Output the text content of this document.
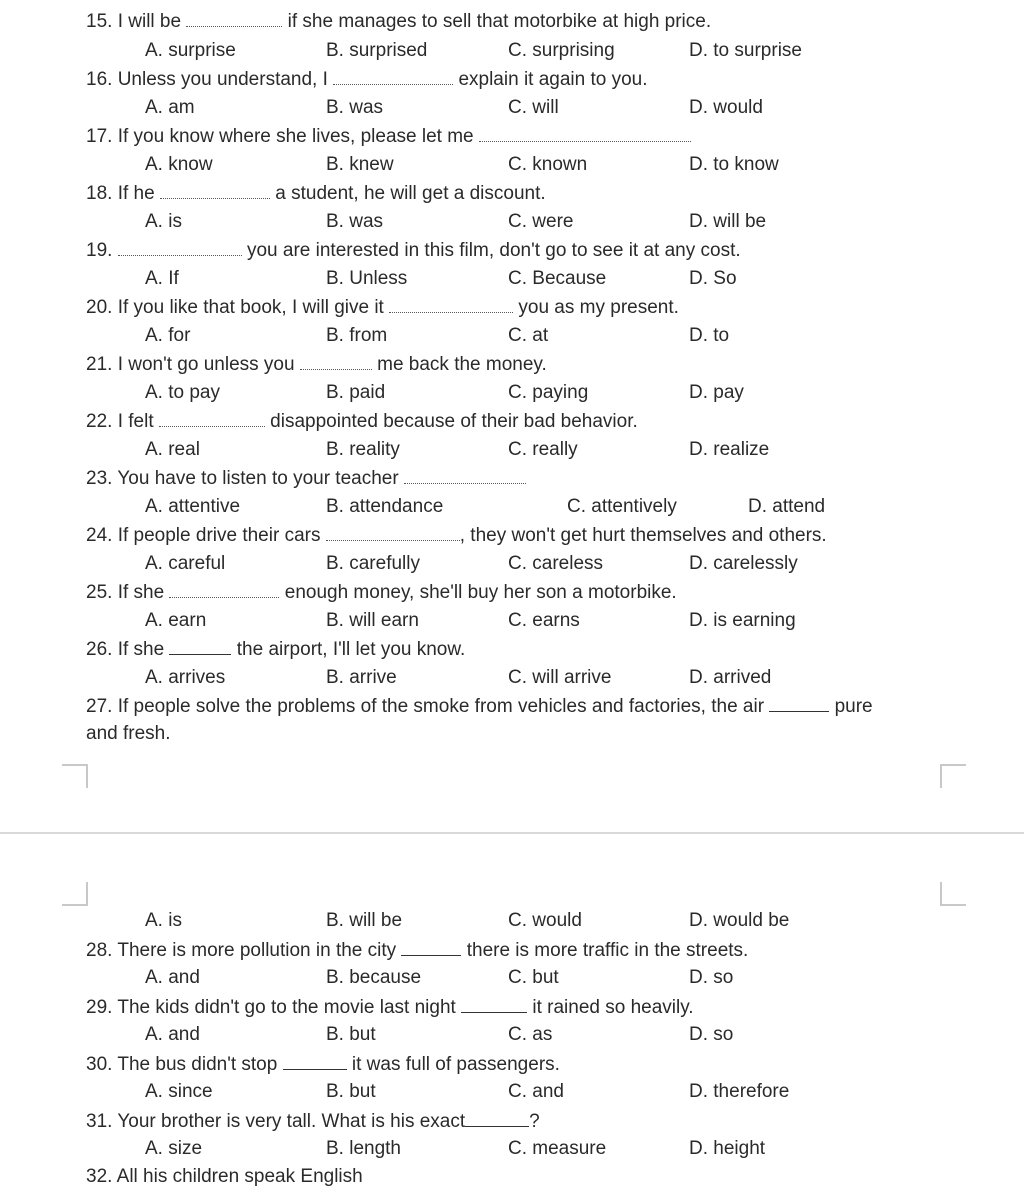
15. I will be	if she manages to sell that motorbike at high price.
A. surprise	B. surprised	C. surprising	D. to surprise
16. Unless you understand, I	explain it again to you.
A. am	B. was	C. will	D. would
17. If you know where she lives, please let me
A. know	B. knew	C. known	D. to know
18. If he	a student, he will get a discount.
A. is	B. was	C. were	D. will be
19.	you are interested in this film, don't go to see it at any cost.
A. If	B. Unless	C. Because	D. So
20. If you like that book, I will give it	you as my present.
A. for	B. from	C. at	D. to
21. I won't go unless you	me back the money.
A. to pay	B. paid	C. paying	D. pay
22. I felt	disappointed because of their bad behavior.
A. real	B. reality	C. really	D. realize
23. You have to listen to your teacher
A. attentive	B. attendance	C. attentively	D. attend
24. If people drive their cars	, they won't get hurt themselves and others.
A. careful	B. carefully	C. careless	D. carelessly
25. If she	enough money, she'll buy her son a motorbike.
A. earn	B. will earn	C. earns	D. is earning
26. If she	the airport, I'll let you know.
A. arrives	B. arrive	C. will arrive	D. arrived
27. If people solve the problems of the smoke from vehicles and factories, the air	pure
and fresh.
A. is	B. will be	C. would	D. would be
28. There is more pollution in the city	there is more traffic in the streets.
A. and	B. because	C. but	D. so
29. The kids didn't go to the movie last night	it rained so heavily.
A. and	B. but	C. as	D. so
30. The bus didn't stop	it was full of passengers.
A. since	B. but	C. and	D. therefore
31. Your brother is very tall. What is his exact	?
A. size	B. length	C. measure	D. height
32. All his children speak English
